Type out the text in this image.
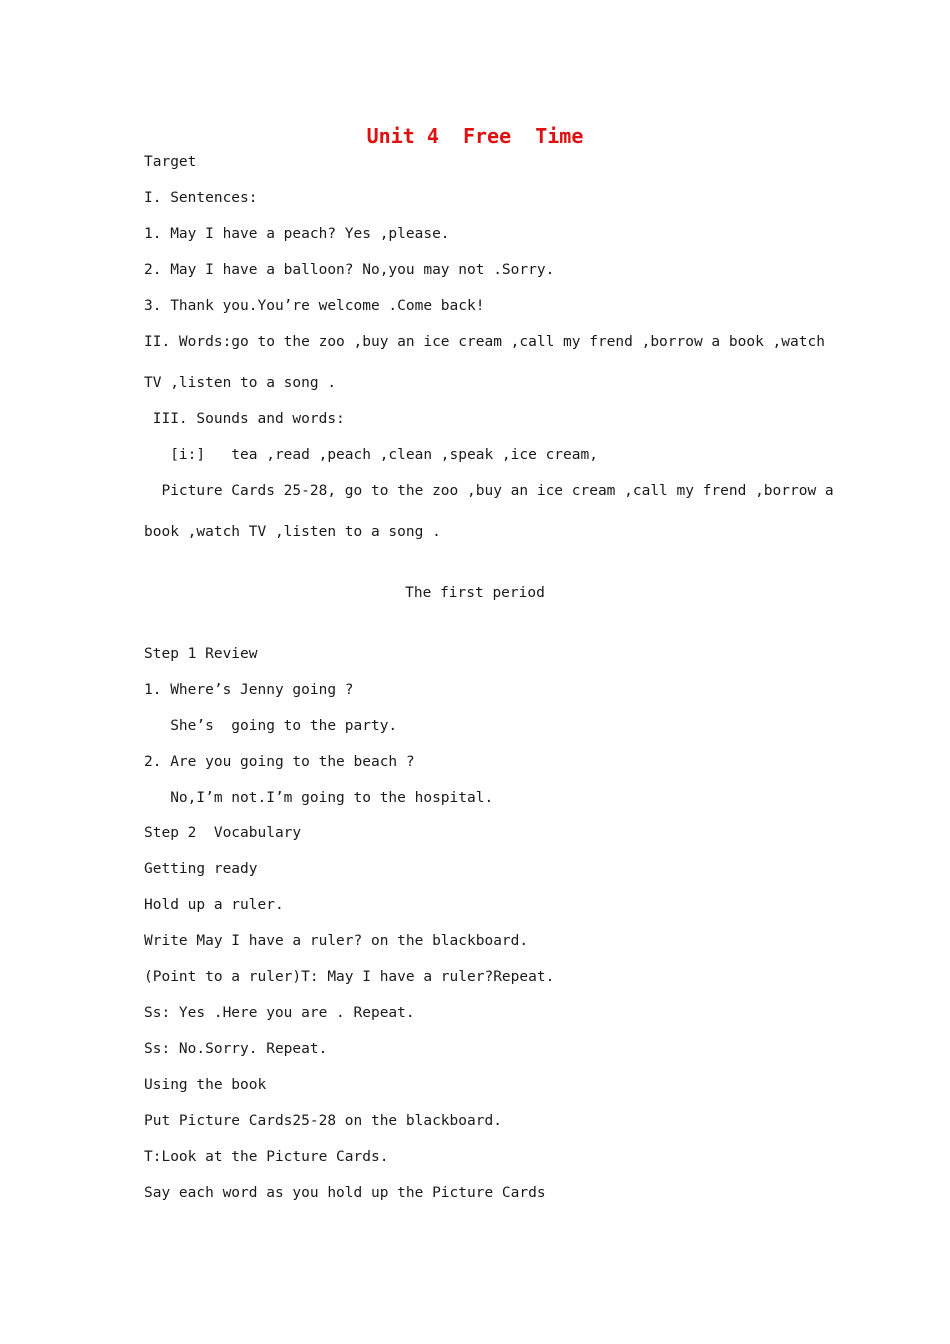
Unit 4  Free  Time
Target
I. Sentences:
1. May I have a peach? Yes ,please.
2. May I have a balloon? No,you may not .Sorry.
3. Thank you.You’re welcome .Come back!
II. Words:go to the zoo ,buy an ice cream ,call my frend ,borrow a book ,watch
TV ,listen to a song .
III. Sounds and words:
[i:]   tea ,read ,peach ,clean ,speak ,ice cream,
Picture Cards 25-28, go to the zoo ,buy an ice cream ,call my frend ,borrow a
book ,watch TV ,listen to a song .
The first period
Step 1 Review
1. Where’s Jenny going ?
She’s  going to the party.
2. Are you going to the beach ?
No,I’m not.I’m going to the hospital.
Step 2  Vocabulary
Getting ready
Hold up a ruler.
Write May I have a ruler? on the blackboard.
(Point to a ruler)T: May I have a ruler?Repeat.
Ss: Yes .Here you are . Repeat.
Ss: No.Sorry. Repeat.
Using the book
Put Picture Cards25-28 on the blackboard.
T:Look at the Picture Cards.
Say each word as you hold up the Picture Cards
